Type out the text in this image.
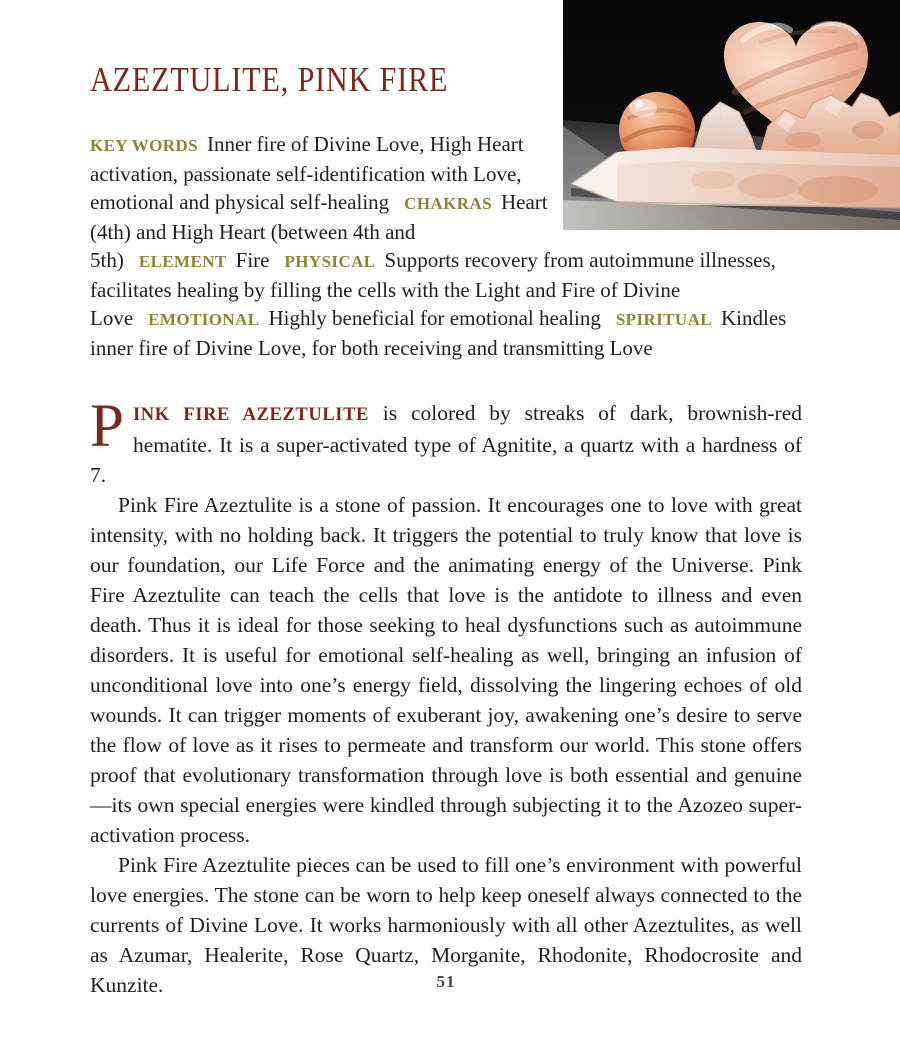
AZEZTULITE, PINK FIRE

KEY WORDS Inner fire of Divine Love, High Heart activation, passionate self-identification with Love, emotional and physical self-healing CHAKRAS Heart (4th) and High Heart (between 4th and 5th) ELEMENT Fire PHYSICAL Supports recovery from autoimmune illnesses, facilitates healing by filling the cells with the Light and Fire of Divine Love EMOTIONAL Highly beneficial for emotional healing SPIRITUAL Kindles inner fire of Divine Love, for both receiving and transmitting Love

PINK FIRE AZEZTULITE is colored by streaks of dark, brownish-red hematite. It is a super-activated type of Agnitite, a quartz with a hardness of 7.

Pink Fire Azeztulite is a stone of passion. It encourages one to love with great intensity, with no holding back. It triggers the potential to truly know that love is our foundation, our Life Force and the animating energy of the Universe. Pink Fire Azeztulite can teach the cells that love is the antidote to illness and even death. Thus it is ideal for those seeking to heal dysfunctions such as autoimmune disorders. It is useful for emotional self-healing as well, bringing an infusion of unconditional love into one’s energy field, dissolving the lingering echoes of old wounds. It can trigger moments of exuberant joy, awakening one’s desire to serve the flow of love as it rises to permeate and transform our world. This stone offers proof that evolutionary transformation through love is both essential and genuine—its own special energies were kindled through subjecting it to the Azozeo super-activation process.

Pink Fire Azeztulite pieces can be used to fill one’s environment with powerful love energies. The stone can be worn to help keep oneself always connected to the currents of Divine Love. It works harmoniously with all other Azeztulites, as well as Azumar, Healerite, Rose Quartz, Morganite, Rhodonite, Rhodocrosite and Kunzite.	51
